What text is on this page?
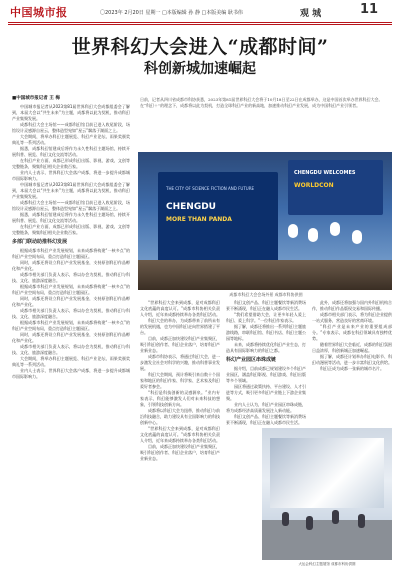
中国城市报	〇2023年 2月20日 星期一 □本版编辑 孙 静 □本版美编 耿书伟	观 城	11
世界科幻大会进入“成都时间”
科创新城加速崛起
日前，记者从四川省成都市科协获悉，2023年第81届世界科幻大会将于10月18日至22日在成都举办，这是中国首次举办世界科幻大会。在“科幻＋”的理念下，成都将以此为契机，打造全球科幻产业的新高地，加速推动科幻产业发展，成为中国科幻产业引领者。
■中国城市报记者 王 梅

中国城市报记者从2023第81届世界科幻大会成都组委会了解到，本届大会以“共生未来”为主题，成都将以此为契机，推动科幻产业集聚发展。

成都科幻大会主场馆——成都科幻馆目前已进入收尾阶段，场馆设计灵感源自星云，整体造型宛如“星云”飘落于湖面之上。

大会期间，将举办科幻主题展览、科幻产业论坛、雨果奖颁奖典礼等一系列活动。

据悉，成都科幻馆建成后将作为永久性科幻主题场馆，持续开展科普、展览、科幻文化交流等活动。

在科幻产业方面，成都已形成科幻出版、影视、游戏、文创等完整链条，聚集科幻相关企业数百家。

业内人士表示，世界科幻大会落户成都，将进一步提升成都城市国际影响力。

中国城市报记者从2023第81届世界科幻大会成都组委会了解到，本届大会以“共生未来”为主题，成都将以此为契机，推动科幻产业集聚发展。

成都科幻大会主场馆——成都科幻馆目前已进入收尾阶段，场馆设计灵感源自星云，整体造型宛如“星云”飘落于湖面之上。

据悉，成都科幻馆建成后将作为永久性科幻主题场馆，持续开展科普、展览、科幻文化交流等活动。

在科幻产业方面，成都已形成科幻出版、影视、游戏、文创等完整链条，聚集科幻相关企业数百家。

多部门联动助推科幻发展

根据成都市科幻产业发展规划，未来成都将构建“一核多点”的科幻产业空间布局，重点打造科幻主题园区。

同时，成都还将设立科幻产业发展基金，支持原创科幻作品孵化和产业化。

成都市相关部门负责人表示，将以办会为契机，推动科幻与科技、文化、旅游深度融合。

根据成都市科幻产业发展规划，未来成都将构建“一核多点”的科幻产业空间布局，重点打造科幻主题园区。

同时，成都还将设立科幻产业发展基金，支持原创科幻作品孵化和产业化。

成都市相关部门负责人表示，将以办会为契机，推动科幻与科技、文化、旅游深度融合。

根据成都市科幻产业发展规划，未来成都将构建“一核多点”的科幻产业空间布局，重点打造科幻主题园区。

同时，成都还将设立科幻产业发展基金，支持原创科幻作品孵化和产业化。

成都市相关部门负责人表示，将以办会为契机，推动科幻与科技、文化、旅游深度融合。

大会期间，将举办科幻主题展览、科幻产业论坛、雨果奖颁奖典礼等一系列活动。

业内人士表示，世界科幻大会落户成都，将进一步提升成都城市国际影响力。

THE CITY OF SCIENCE FICTION AND FUTURE
CHENGDU
MORE THAN PANDA
CHENGDU WELCOMES
WORLDCON
成都市科幻大会会场外景 成都市科协供图

“世界科幻大会来到成都，是对成都科幻文化底蕴的高度认可。”成都市科协相关负责人介绍，近年来成都持续举办各类科幻活动。

科幻大会的举办，为成都带来了前所未有的发展机遇，也为中国科幻走向世界搭建了平台。

目前，成都正加快建设科幻产业集聚区，吸引科幻创作者、科幻企业落户，培育科幻产业新业态。

成都市科协表示，将通过科幻大会，进一步激发全社会对科学的兴趣，推动科普事业发展。

科幻大会期间，预计将吸引来自数十个国家和地区的科幻作家、科学家、艺术家及科幻爱好者参会。

“科幻是科技创新的灵感源泉。”业内专家表示，科幻能够激发人们对未来科技的想象，引领科技创新方向。

成都将以科幻大会为纽带，推动科幻与前沿科技融合，助力建设具有全国影响力的科技创新中心。

“世界科幻大会来到成都，是对成都科幻文化底蕴的高度认可。”成都市科协相关负责人介绍，近年来成都持续举办各类科幻活动。

目前，成都正加快建设科幻产业集聚区，吸引科幻创作者、科幻企业落户，培育科幻产业新业态。

科幻文创产品、科幻主题餐饮等新消费场景不断涌现，科幻正在融入成都市民生活。

“我们希望借助大会，让更多年轻人爱上科幻、爱上科学。”一位科幻作家表示。

据了解，成都还将推出一系列科幻主题旅游线路，串联科幻馆、科幻书店、科幻主题公园等地标。

未来，成都将持续优化科幻产业生态，打造具有国际影响力的科幻之都。

科幻产业园区串珠成链

据介绍，目前成都已规划建设多个科幻产业园区，涵盖科幻影视、科幻游戏、科幻出版等多个领域。

园区将通过政策扶持、平台建设、人才引进等方式，吸引更多科幻产业链上下游企业集聚。

业内人士认为，科幻产业园区串珠成链，将为成都经济高质量发展注入新动能。

科幻文创产品、科幻主题餐饮等新消费场景不断涌现，科幻正在融入成都市民生活。

此外，成都还将加强与国内外科幻机构合作，推动科幻作品版权交易和国际传播。

成都市相关部门表示，将为科幻企业提供一站式服务，营造良好的营商环境。

“科幻产业是未来产业的重要组成部分。”专家表示，成都在科幻领域具有独特优势。

随着世界科幻大会临近，成都的科幻氛围日益浓厚，科创新城正加速崛起。

据了解，成都还计划举办科幻电影节、科幻动漫展等活动，进一步丰富科幻文化供给。

科幻正成为成都一张新的城市名片。

大运会科幻主题展馆 成都市科协供图
